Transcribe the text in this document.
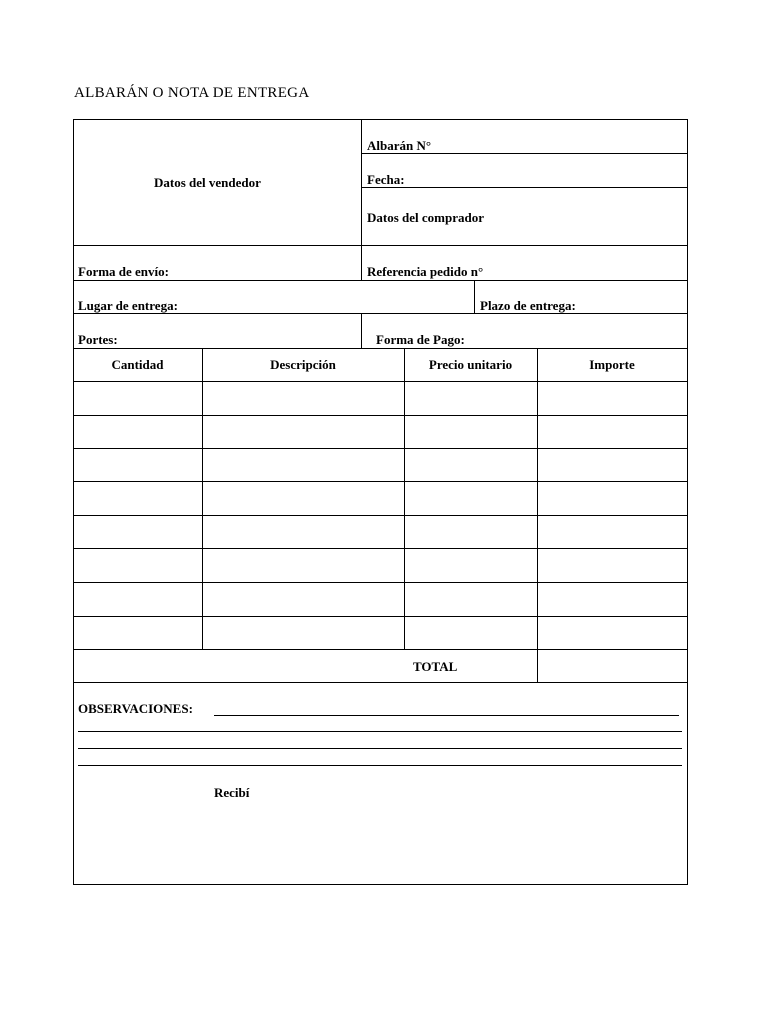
ALBARÁN O NOTA DE ENTREGA
Datos del vendedor
Albarán N°
Fecha:
Datos del comprador
Forma de envío:	Referencia pedido n°
Lugar de entrega:	Plazo de entrega:
Portes:	Forma de Pago:
Cantidad	Descripción	Precio unitario	Importe
TOTAL
OBSERVACIONES:
Recibí
